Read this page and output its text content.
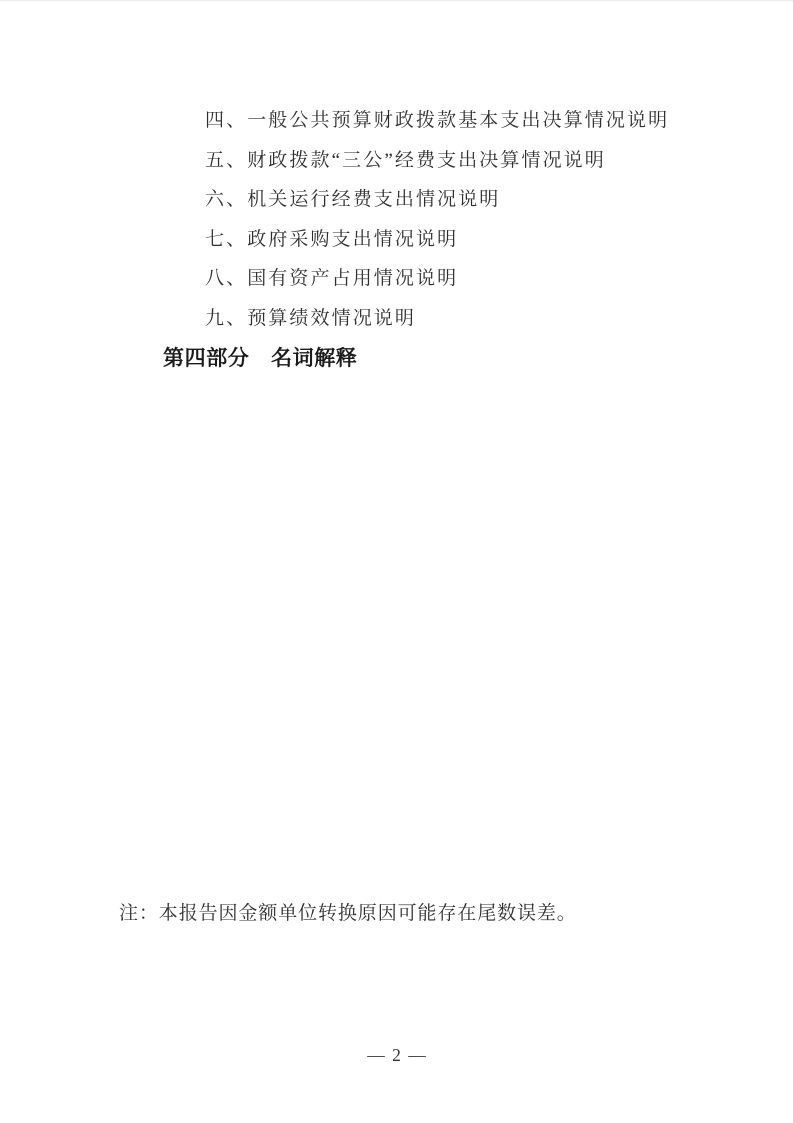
四、一般公共预算财政拨款基本支出决算情况说明
五、财政拨款“三公”经费支出决算情况说明
六、机关运行经费支出情况说明
七、政府采购支出情况说明
八、国有资产占用情况说明
九、预算绩效情况说明
第四部分　名词解释
注：本报告因金额单位转换原因可能存在尾数误差。
— 2 —
